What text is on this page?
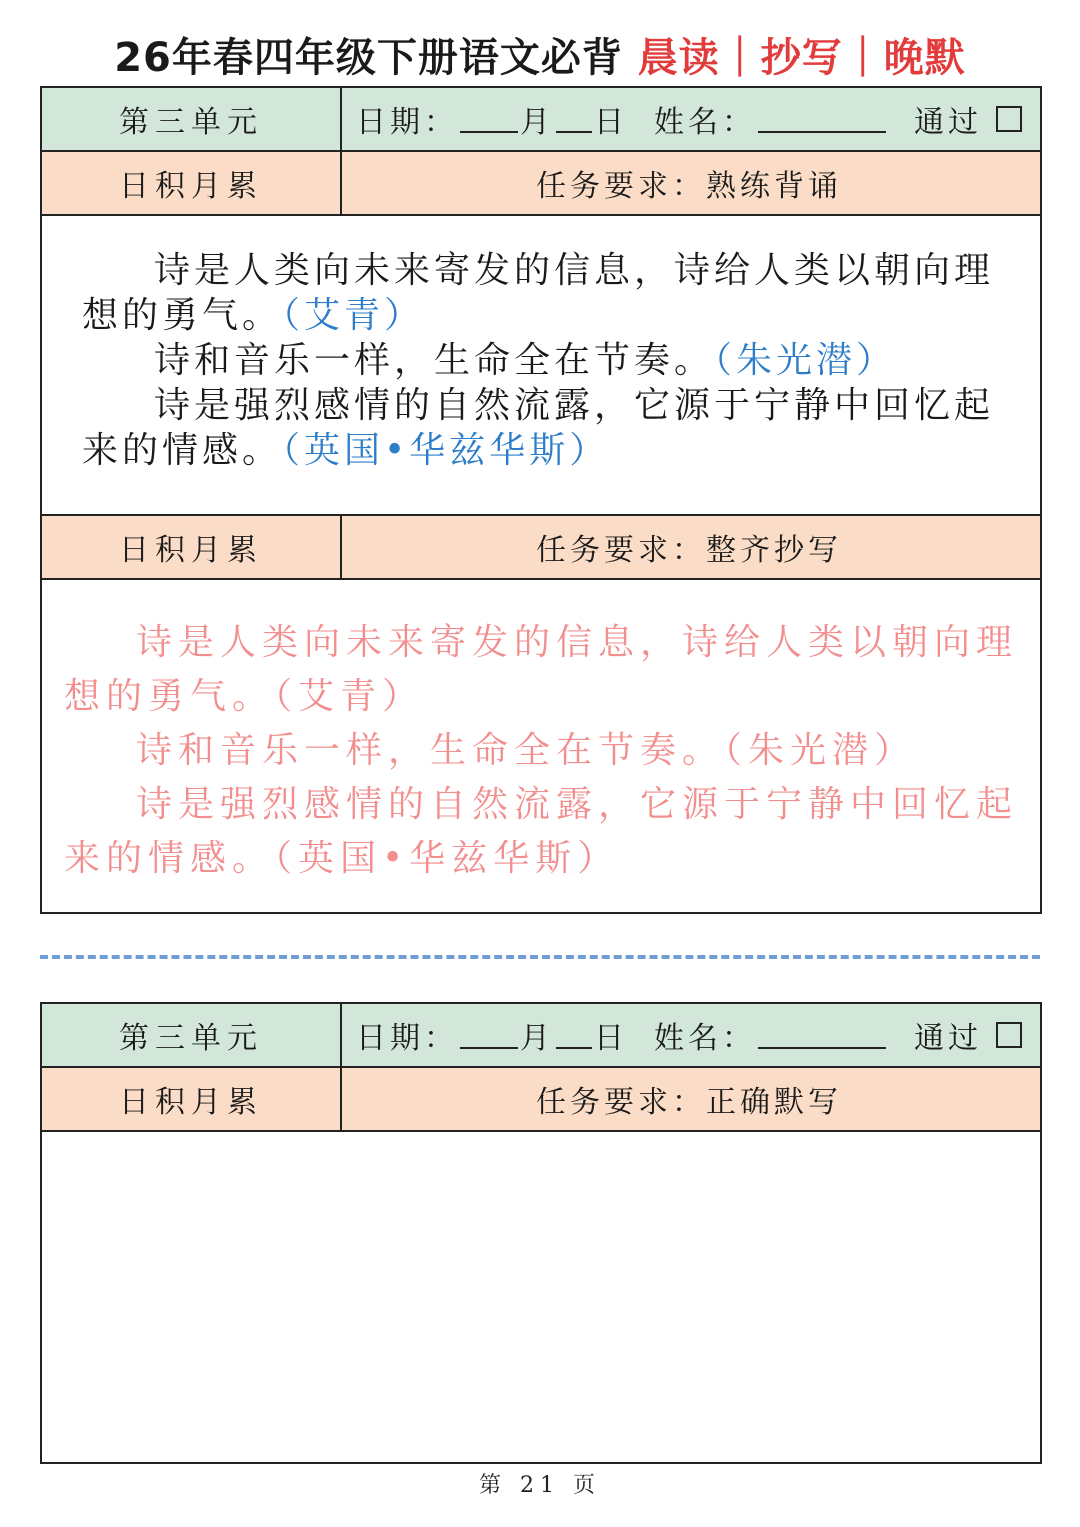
26年春四年级下册语文必背 晨读｜抄写｜晚默
第三单元	日期： 月 日 姓名：	通过
日积月累	任务要求：熟练背诵

诗是人类向未来寄发的信息，诗给人类以朝向理想的勇气。（艾青）

诗和音乐一样，生命全在节奏。（朱光潜）

诗是强烈感情的自然流露，它源于宁静中回忆起来的情感。（英国•华兹华斯）

日积月累	任务要求：整齐抄写

诗是人类向未来寄发的信息，诗给人类以朝向理想的勇气。（艾青）

诗和音乐一样，生命全在节奏。（朱光潜）

诗是强烈感情的自然流露，它源于宁静中回忆起来的情感。（英国•华兹华斯）

第三单元	日期： 月 日 姓名：	通过
日积月累	任务要求：正确默写
第 21 页
